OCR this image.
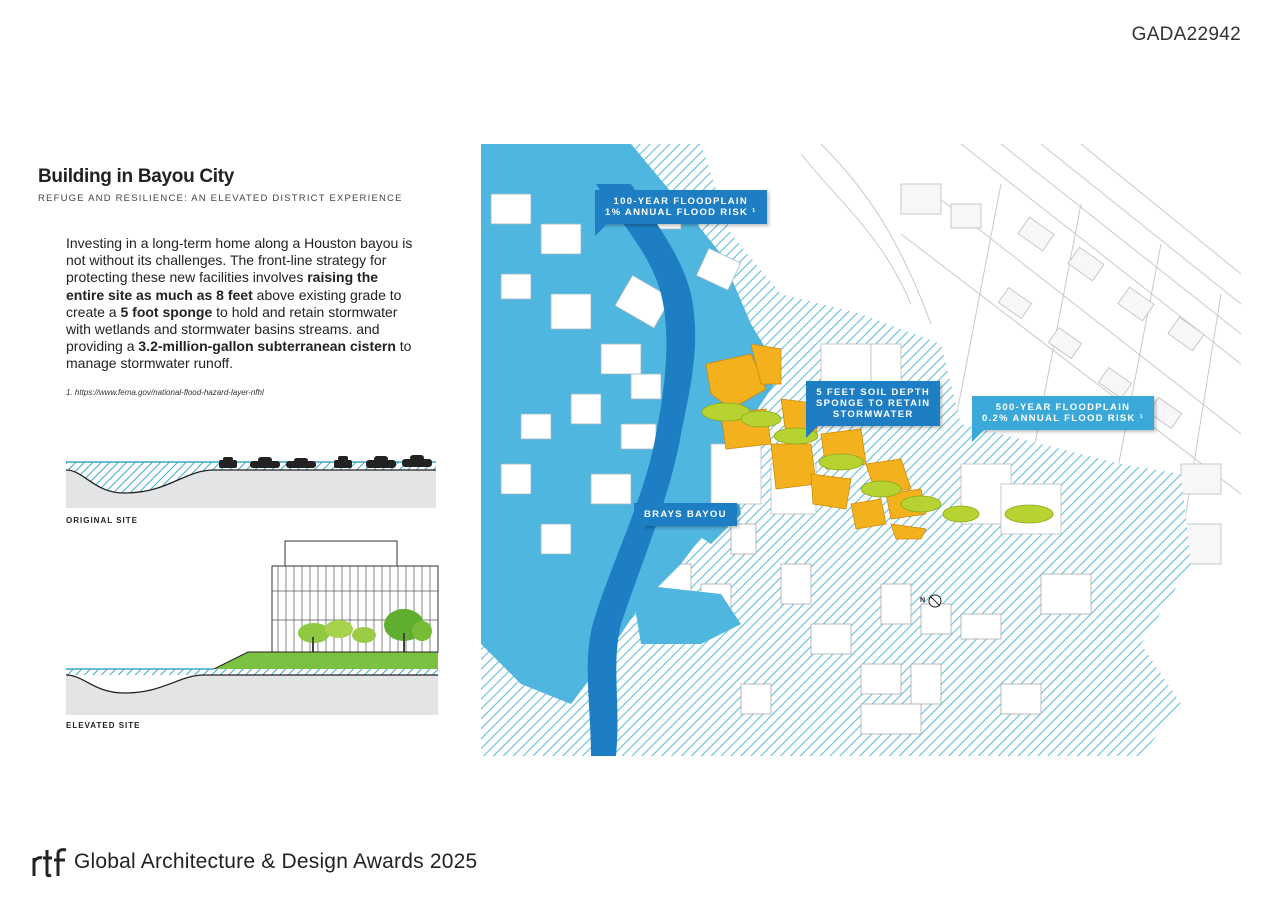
GADA22942
Building in Bayou City
REFUGE AND RESILIENCE: AN ELEVATED DISTRICT EXPERIENCE
Investing in a long-term home along a Houston bayou is not without its challenges. The front-line strategy for protecting these new facilities involves raising the entire site as much as 8 feet above existing grade to create a 5 foot sponge to hold and retain stormwater with wetlands and stormwater basins streams. and providing a 3.2-million-gallon subterranean cistern to manage stormwater runoff.
1. https://www.fema.gov/national-flood-hazard-layer-nfhl
ORIGINAL SITE
ELEVATED SITE
N
100-YEAR FLOODPLAIN
1% ANNUAL FLOOD RISK ¹
5 FEET SOIL DEPTH
SPONGE TO RETAIN
STORMWATER
500-YEAR FLOODPLAIN
0.2% ANNUAL FLOOD RISK ¹
BRAYS BAYOU
Global Architecture & Design Awards 2025
